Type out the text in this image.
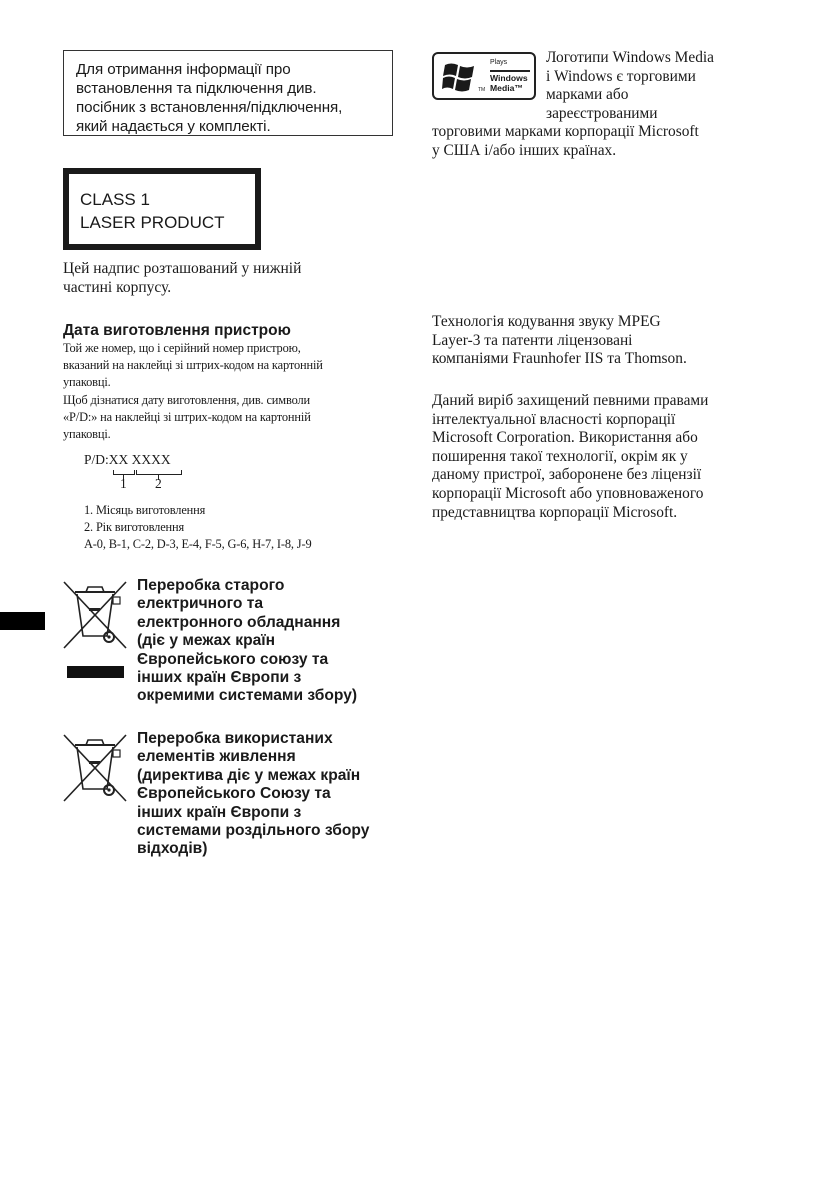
Для отримання інформації про

встановлення та підключення див.

посібник з встановлення/підключення,

який надається у комплекті.

CLASS 1
LASER PRODUCT
Цей надпис розташований у нижній
частині корпусу.
Дата виготовлення пристрою
Той же номер, що і серійний номер пристрою,
вказаний на наклейці зі штрих-кодом на картонній
упаковці.
Щоб дізнатися дату виготовлення, див. символи
«P/D:» на наклейці зі штрих-кодом на картонній
упаковці.
P/D:XX XXXX
1 2
1. Місяць виготовлення
2. Рік виготовлення
A-0, B-1, C-2, D-3, E-4, F-5, G-6, H-7, I-8, J-9
Переробка старого
електричного та
електронного обладнання
(діє у межах країн
Європейського союзу та
інших країн Європи з
окремими системами збору)
Переробка використаних
елементів живлення
(директива діє у межах країн
Європейського Союзу та
інших країн Європи з
системами роздільного збору
відходів)
Plays
Windows
Media™
TM
Логотипи Windows Media
і Windows є торговими
марками або
зареєстрованими
торговими марками корпорації Microsoft
у США і/або інших країнах.
Технологія кодування звуку MPEG
Layer-3 та патенти ліцензовані
компаніями Fraunhofer IIS та Thomson.
Даний виріб захищений певними правами
інтелектуальної власності корпорації
Microsoft Corporation. Використання або
поширення такої технології, окрім як у
даному пристрої, заборонене без ліцензії
корпорації Microsoft або уповноваженого
представництва корпорації Microsoft.
